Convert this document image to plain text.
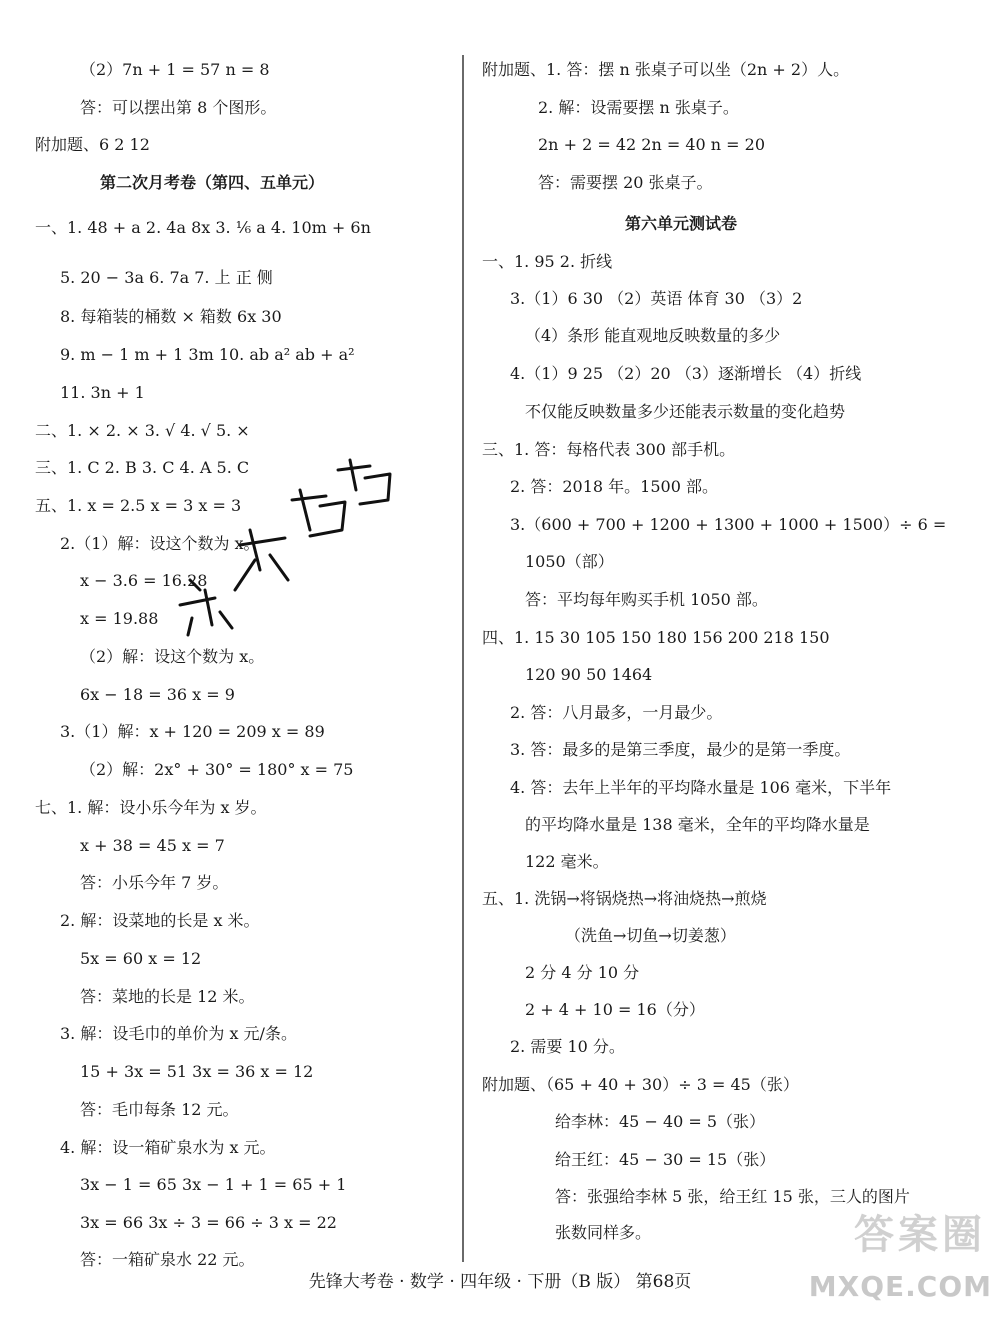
（2）7n + 1 = 57 n = 8
答：可以摆出第 8 个图形。
附加题、6 2 12
第二次月考卷（第四、五单元）
一、1. 48 + a 2. 4a 8x 3. ¹⁄₆ a 4. 10m + 6n
5. 20 − 3a 6. 7a 7. 上 正 侧
8. 每箱装的桶数 × 箱数 6x 30
9. m − 1 m + 1 3m 10. ab a² ab + a²
11. 3n + 1
二、1. × 2. × 3. √ 4. √ 5. ×
三、1. C 2. B 3. C 4. A 5. C
五、1. x = 2.5 x = 3 x = 3
2.（1）解：设这个数为 x。
x − 3.6 = 16.28
x = 19.88
（2）解：设这个数为 x。
6x − 18 = 36 x = 9
3.（1）解：x + 120 = 209 x = 89
（2）解：2x° + 30° = 180° x = 75
七、1. 解：设小乐今年为 x 岁。
x + 38 = 45 x = 7
答：小乐今年 7 岁。
2. 解：设菜地的长是 x 米。
5x = 60 x = 12
答：菜地的长是 12 米。
3. 解：设毛巾的单价为 x 元/条。
15 + 3x = 51 3x = 36 x = 12
答：毛巾每条 12 元。
4. 解：设一箱矿泉水为 x 元。
3x − 1 = 65 3x − 1 + 1 = 65 + 1
3x = 66 3x ÷ 3 = 66 ÷ 3 x = 22
答：一箱矿泉水 22 元。
附加题、1. 答：摆 n 张桌子可以坐（2n + 2）人。
2. 解：设需要摆 n 张桌子。
2n + 2 = 42 2n = 40 n = 20
答：需要摆 20 张桌子。
第六单元测试卷
一、1. 95 2. 折线
3.（1）6 30 （2）英语 体育 30 （3）2
（4）条形 能直观地反映数量的多少
4.（1）9 25 （2）20 （3）逐渐增长 （4）折线
不仅能反映数量多少还能表示数量的变化趋势
三、1. 答：每格代表 300 部手机。
2. 答：2018 年。1500 部。
3.（600 + 700 + 1200 + 1300 + 1000 + 1500）÷ 6 =
1050（部）
答：平均每年购买手机 1050 部。
四、1. 15 30 105 150 180 156 200 218 150
120 90 50 1464
2. 答：八月最多，一月最少。
3. 答：最多的是第三季度，最少的是第一季度。
4. 答：去年上半年的平均降水量是 106 毫米，下半年
的平均降水量是 138 毫米，全年的平均降水量是
122 毫米。
五、1. 洗锅→将锅烧热→将油烧热→煎烧
（洗鱼→切鱼→切姜葱）
2 分 4 分 10 分
2 + 4 + 10 = 16（分）
2. 需要 10 分。
附加题、（65 + 40 + 30）÷ 3 = 45（张）
给李林：45 − 40 = 5（张）
给王红：45 − 30 = 15（张）
答：张强给李林 5 张，给王红 15 张，三人的图片
张数同样多。
先锋大考卷 · 数学 · 四年级 · 下册（B 版） 第68页
答案圈
MXQE.COM
